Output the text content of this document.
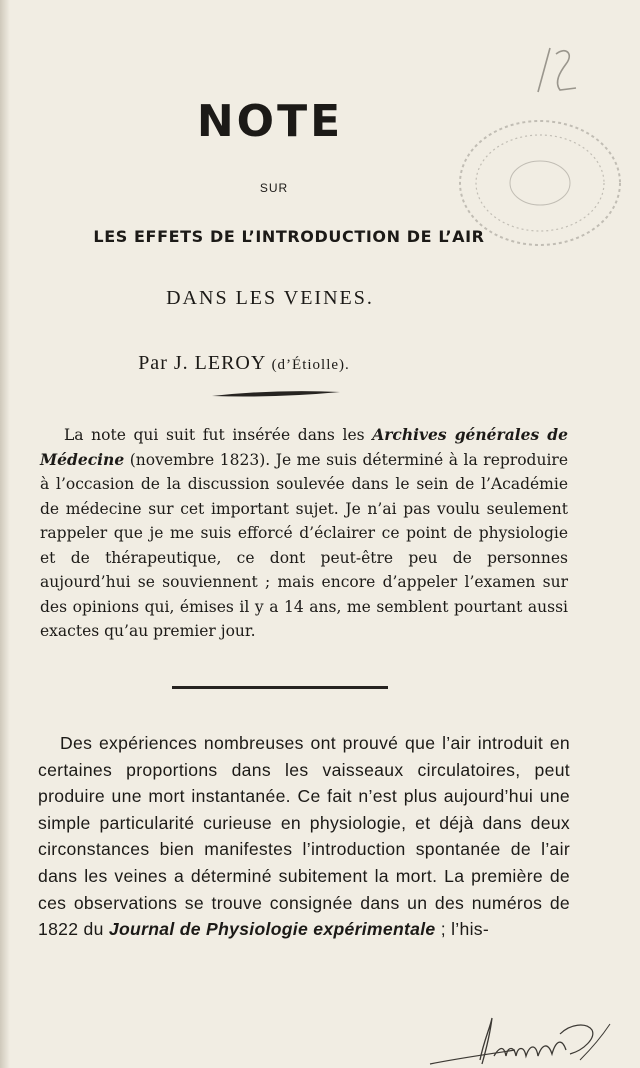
NOTE
SUR
LES EFFETS DE L’INTRODUCTION DE L’AIR
DANS LES VEINES.
Par J. LEROY (d’Étiolle).

La note qui suit fut insérée dans les Archives générales de Médecine (novembre 1823). Je me suis déterminé à la reproduire à l’occasion de la discussion soulevée dans le sein de l’Académie de médecine sur cet important sujet. Je n’ai pas voulu seulement rappeler que je me suis efforcé d’éclairer ce point de physiologie et de thérapeutique, ce dont peut-être peu de personnes aujourd’hui se souviennent ; mais encore d’appeler l’examen sur des opinions qui, émises il y a 14 ans, me semblent pourtant aussi exactes qu’au premier jour.

Des expériences nombreuses ont prouvé que l’air introduit en certaines proportions dans les vaisseaux circulatoires, peut produire une mort instantanée. Ce fait n’est plus aujourd’hui une simple particularité curieuse en physiologie, et déjà dans deux circonstances bien manifestes l’introduction spontanée de l’air dans les veines a déterminé subitement la mort. La première de ces observations se trouve consignée dans un des numéros de 1822 du Journal de Physiologie expérimentale ; l’his-
